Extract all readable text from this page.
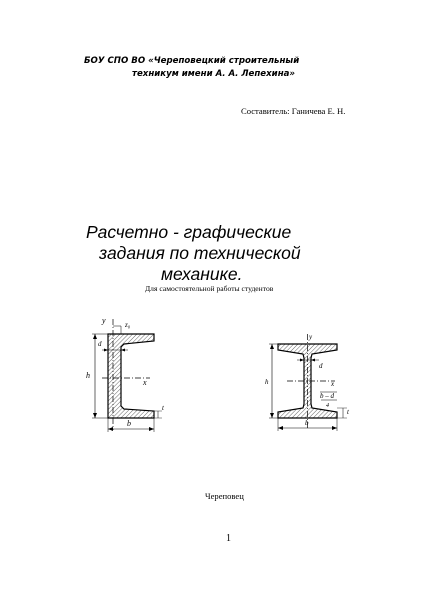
БОУ СПО ВО «Череповецкий строительный
техникум имени А. А. Лепехина»
Составитель: Ганичева Е. Н.
Расчетно - графические
задания по технической
механике.
Для самостоятельной работы студентов
y	z₀
d
h
x
b
t
y
d
h	x
b – d
4
b
t
Череповец
1
